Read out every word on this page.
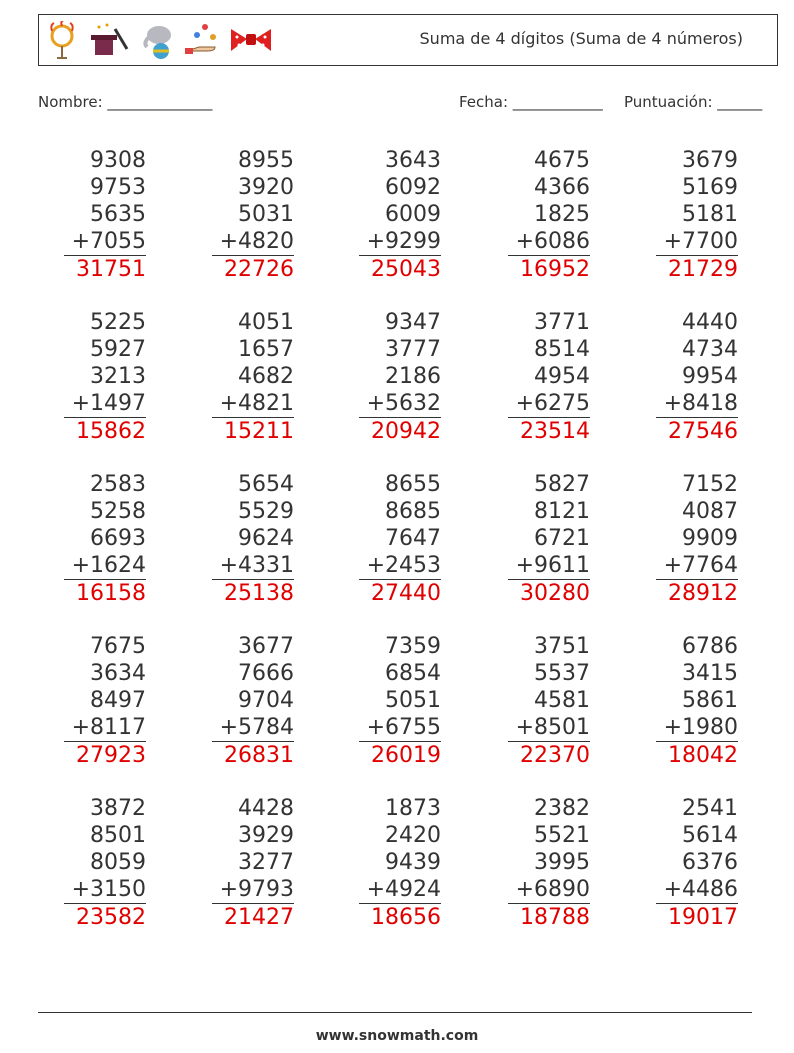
Suma de 4 dígitos (Suma de 4 números)
Nombre: ______________	Fecha: ____________ Puntuación: ______
9308
9753
5635
+7055
31751
8955
3920
5031
+4820
22726
3643
6092
6009
+9299
25043
4675
4366
1825
+6086
16952
3679
5169
5181
+7700
21729
5225
5927
3213
+1497
15862
4051
1657
4682
+4821
15211
9347
3777
2186
+5632
20942
3771
8514
4954
+6275
23514
4440
4734
9954
+8418
27546
2583
5258
6693
+1624
16158
5654
5529
9624
+4331
25138
8655
8685
7647
+2453
27440
5827
8121
6721
+9611
30280
7152
4087
9909
+7764
28912
7675
3634
8497
+8117
27923
3677
7666
9704
+5784
26831
7359
6854
5051
+6755
26019
3751
5537
4581
+8501
22370
6786
3415
5861
+1980
18042
3872
8501
8059
+3150
23582
4428
3929
3277
+9793
21427
1873
2420
9439
+4924
18656
2382
5521
3995
+6890
18788
2541
5614
6376
+4486
19017
www.snowmath.com
